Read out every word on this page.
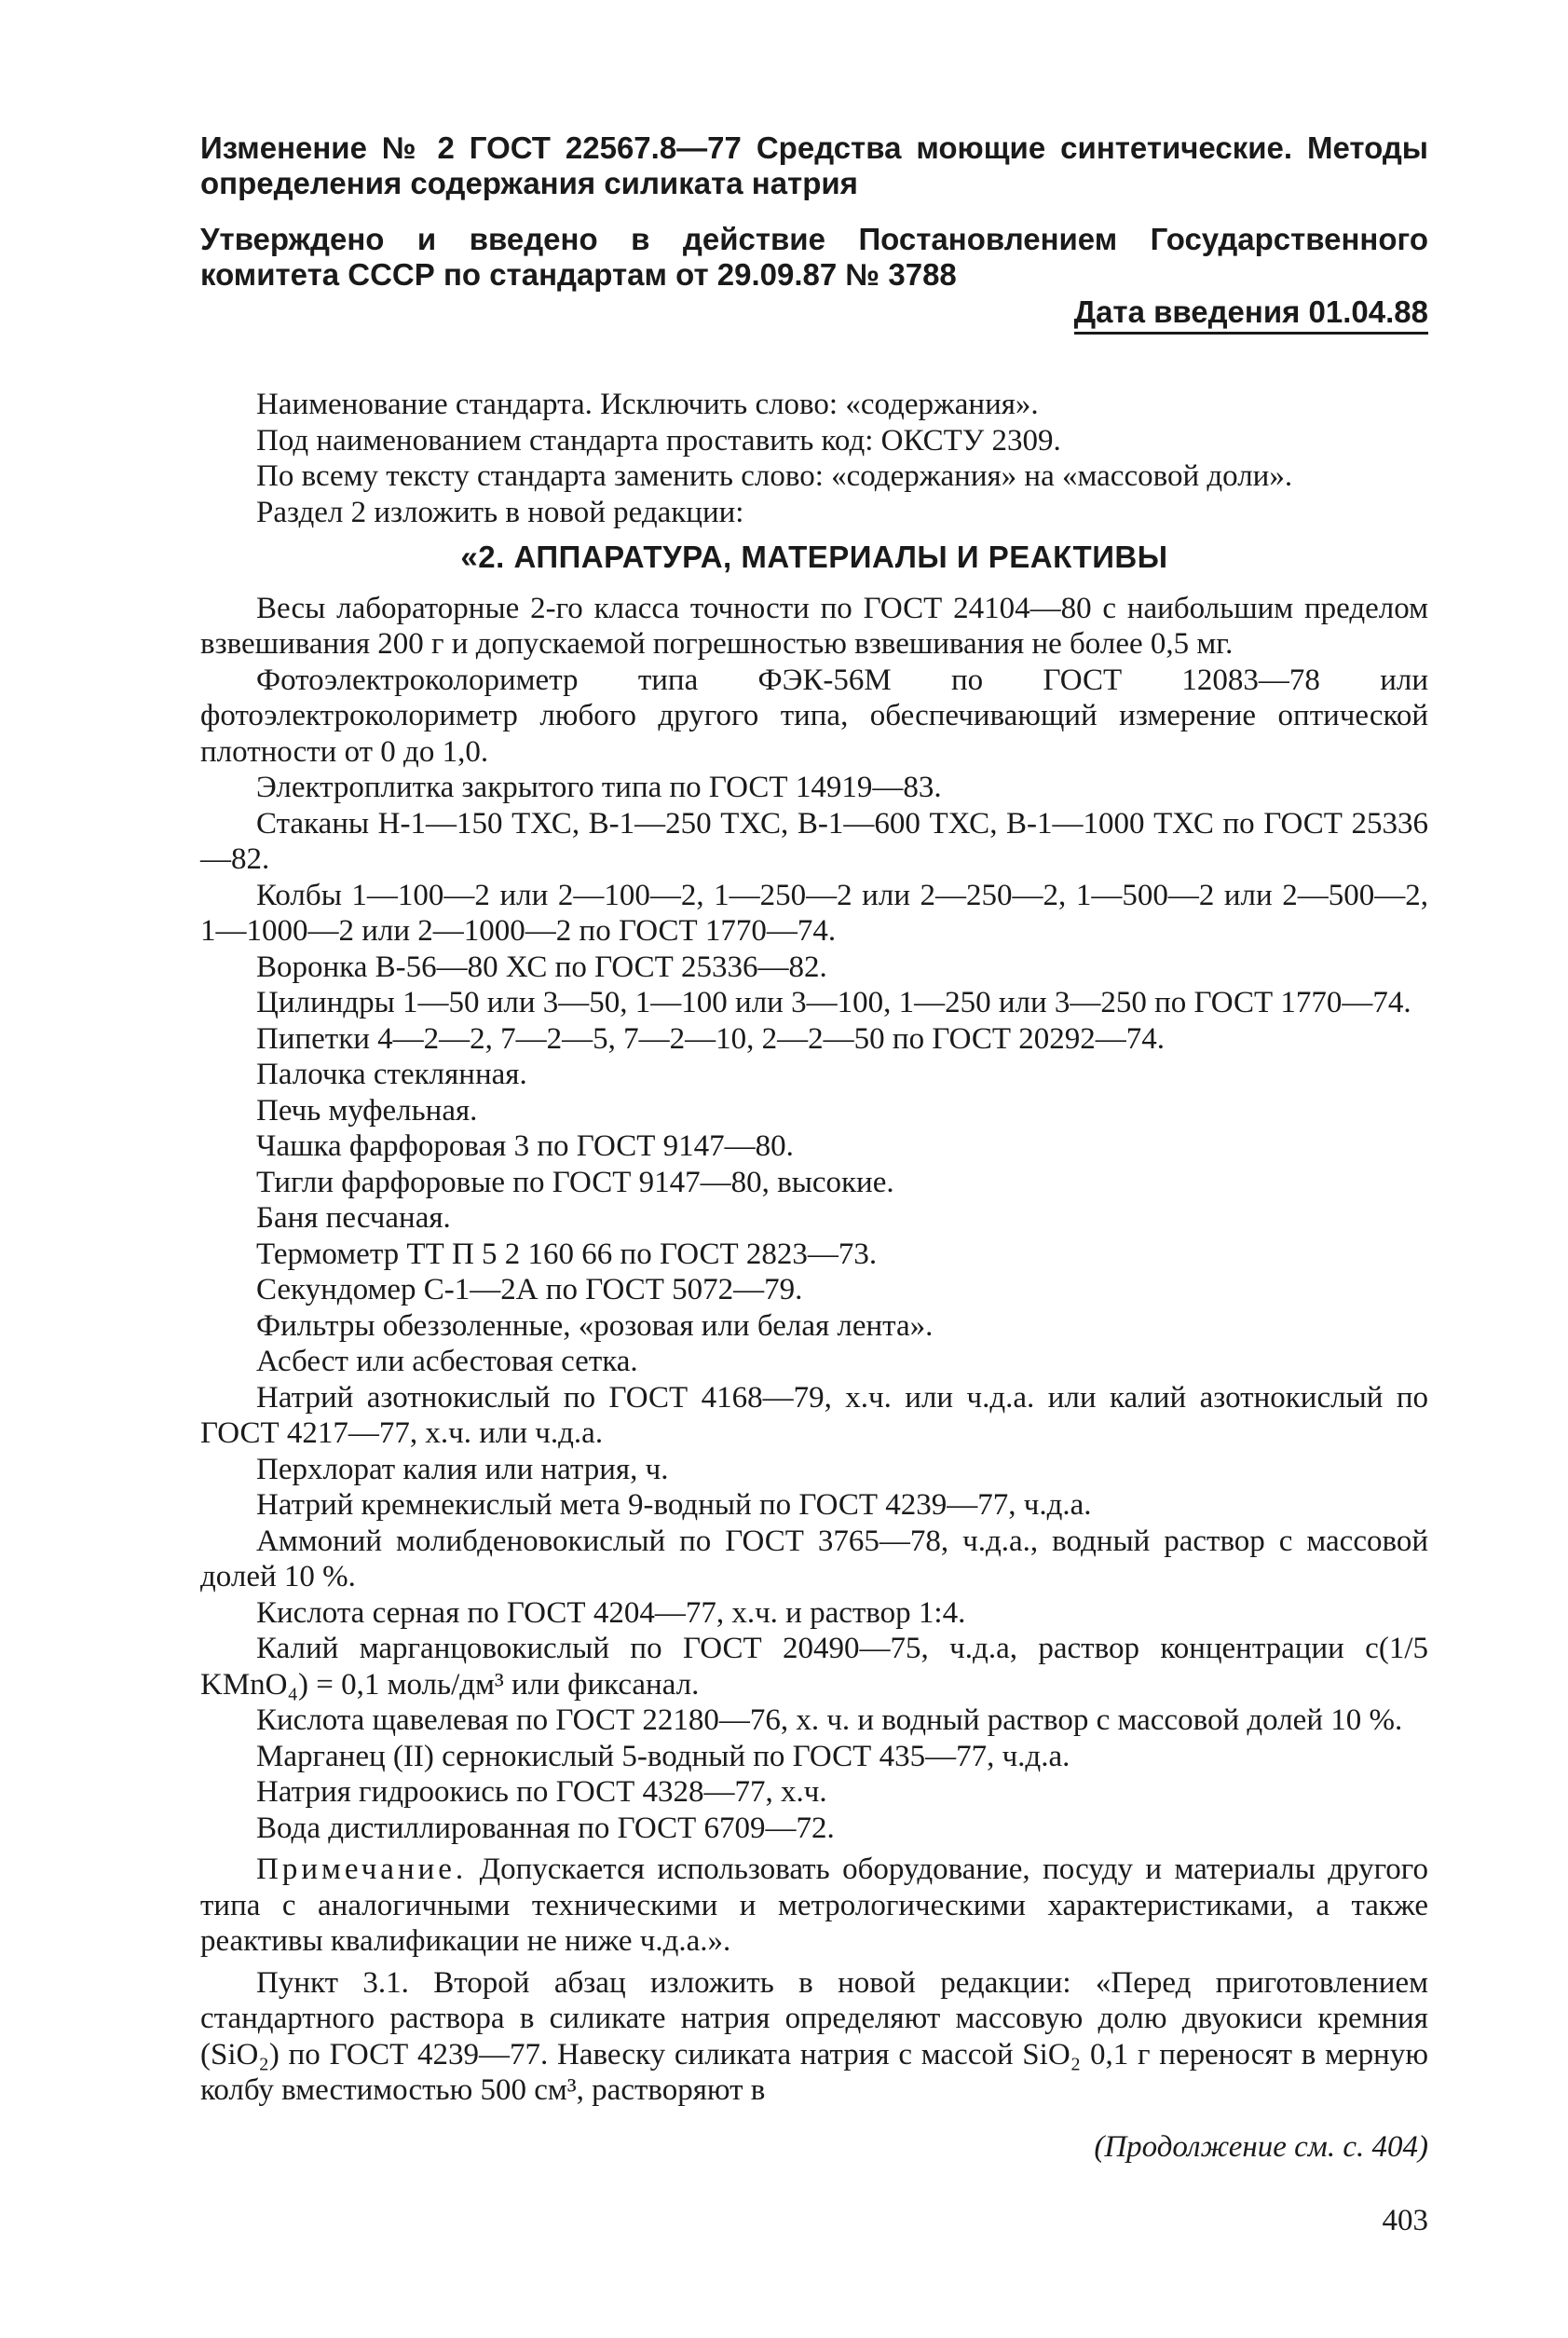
Изменение № 2 ГОСТ 22567.8—77 Средства моющие синтетические. Методы определения содержания силиката натрия

Утверждено и введено в действие Постановлением Государственного комитета СССР по стандартам от 29.09.87 № 3788

Дата введения 01.04.88

Наименование стандарта. Исключить слово: «содержания».

Под наименованием стандарта проставить код: ОКСТУ 2309.

По всему тексту стандарта заменить слово: «содержания» на «массовой доли».

Раздел 2 изложить в новой редакции:

«2. АППАРАТУРА, МАТЕРИАЛЫ И РЕАКТИВЫ

Весы лабораторные 2-го класса точности по ГОСТ 24104—80 с наибольшим пределом взвешивания 200 г и допускаемой погрешностью взвешивания не более 0,5 мг.

Фотоэлектроколориметр типа ФЭК-56М по ГОСТ 12083—78 или фотоэлектроколориметр любого другого типа, обеспечивающий измерение оптической плотности от 0 до 1,0.

Электроплитка закрытого типа по ГОСТ 14919—83.

Стаканы Н-1—150 ТХС, В-1—250 ТХС, В-1—600 ТХС, В-1—1000 ТХС по ГОСТ 25336—82.

Колбы 1—100—2 или 2—100—2, 1—250—2 или 2—250—2, 1—500—2 или 2—500—2, 1—1000—2 или 2—1000—2 по ГОСТ 1770—74.

Воронка В-56—80 ХС по ГОСТ 25336—82.

Цилиндры 1—50 или 3—50, 1—100 или 3—100, 1—250 или 3—250 по ГОСТ 1770—74.

Пипетки 4—2—2, 7—2—5, 7—2—10, 2—2—50 по ГОСТ 20292—74.

Палочка стеклянная.

Печь муфельная.

Чашка фарфоровая 3 по ГОСТ 9147—80.

Тигли фарфоровые по ГОСТ 9147—80, высокие.

Баня песчаная.

Термометр ТТ П 5 2 160 66 по ГОСТ 2823—73.

Секундомер С-1—2А по ГОСТ 5072—79.

Фильтры обеззоленные, «розовая или белая лента».

Асбест или асбестовая сетка.

Натрий азотнокислый по ГОСТ 4168—79, х.ч. или ч.д.а. или калий азотнокислый по ГОСТ 4217—77, х.ч. или ч.д.а.

Перхлорат калия или натрия, ч.

Натрий кремнекислый мета 9-водный по ГОСТ 4239—77, ч.д.а.

Аммоний молибденовокислый по ГОСТ 3765—78, ч.д.а., водный раствор с массовой долей 10 %.

Кислота серная по ГОСТ 4204—77, х.ч. и раствор 1:4.

Калий марганцовокислый по ГОСТ 20490—75, ч.д.а, раствор концентрации с(1/5 KMnO₄) = 0,1 моль/дм³ или фиксанал.

Кислота щавелевая по ГОСТ 22180—76, х. ч. и водный раствор с массовой долей 10 %.

Марганец (II) сернокислый 5-водный по ГОСТ 435—77, ч.д.а.

Натрия гидроокись по ГОСТ 4328—77, х.ч.

Вода дистиллированная по ГОСТ 6709—72.

Примечание. Допускается использовать оборудование, посуду и материалы другого типа с аналогичными техническими и метрологическими характеристиками, а также реактивы квалификации не ниже ч.д.а.».

Пункт 3.1. Второй абзац изложить в новой редакции: «Перед приготовлением стандартного раствора в силикате натрия определяют массовую долю двуокиси кремния (SiO₂) по ГОСТ 4239—77. Навеску силиката натрия с массой SiO₂ 0,1 г переносят в мерную колбу вместимостью 500 см³, растворяют в

(Продолжение см. с. 404)

403
